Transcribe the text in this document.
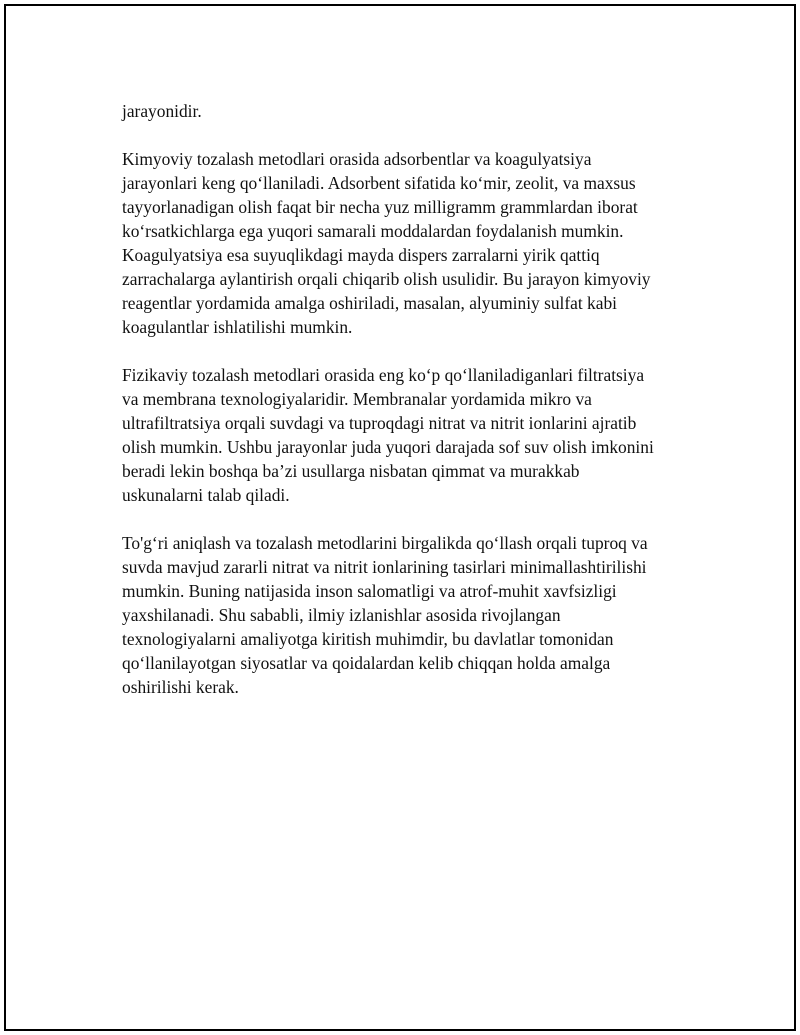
jarayonidir.

Kimyoviy tozalash metodlari orasida adsorbentlar va koagulyatsiya
jarayonlari keng qo‘llaniladi. Adsorbent sifatida ko‘mir, zeolit, va maxsus
tayyorlanadigan olish faqat bir necha yuz milligramm grammlardan iborat
ko‘rsatkichlarga ega yuqori samarali moddalardan foydalanish mumkin.
Koagulyatsiya esa suyuqlikdagi mayda dispers zarralarni yirik qattiq
zarrachalarga aylantirish orqali chiqarib olish usulidir. Bu jarayon kimyoviy
reagentlar yordamida amalga oshiriladi, masalan, alyuminiy sulfat kabi
koagulantlar ishlatilishi mumkin.

Fizikaviy tozalash metodlari orasida eng ko‘p qo‘llaniladiganlari filtratsiya
va membrana texnologiyalaridir. Membranalar yordamida mikro va
ultrafiltratsiya orqali suvdagi va tuproqdagi nitrat va nitrit ionlarini ajratib
olish mumkin. Ushbu jarayonlar juda yuqori darajada sof suv olish imkonini
beradi lekin boshqa ba’zi usullarga nisbatan qimmat va murakkab
uskunalarni talab qiladi.

To'g‘ri aniqlash va tozalash metodlarini birgalikda qo‘llash orqali tuproq va
suvda mavjud zararli nitrat va nitrit ionlarining tasirlari minimallashtirilishi
mumkin. Buning natijasida inson salomatligi va atrof-muhit xavfsizligi
yaxshilanadi. Shu sababli, ilmiy izlanishlar asosida rivojlangan
texnologiyalarni amaliyotga kiritish muhimdir, bu davlatlar tomonidan
qo‘llanilayotgan siyosatlar va qoidalardan kelib chiqqan holda amalga
oshirilishi kerak.
